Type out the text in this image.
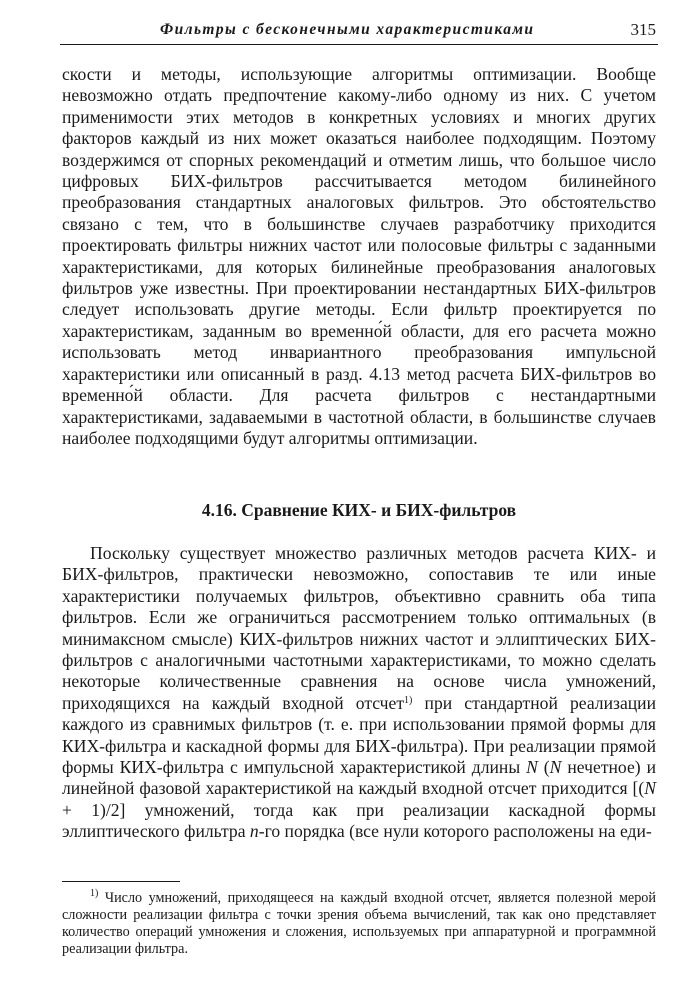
Фильтры с бесконечными характеристиками	315

скости и методы, использующие алгоритмы оптимизации. Вообще невозможно отдать предпочтение какому-либо одному из них. С учетом применимости этих методов в конкретных условиях и многих других факторов каждый из них может оказаться наиболее подходящим. Поэтому воздержимся от спорных рекомендаций и отметим лишь, что большое число цифровых БИХ-фильтров рассчитывается методом билинейного преобразования стандартных аналоговых фильтров. Это обстоятельство связано с тем, что в большинстве случаев разработчику приходится проектировать фильтры нижних частот или полосовые фильтры с заданными характеристиками, для которых билинейные преобразования аналоговых фильтров уже известны. При проектировании нестандартных БИХ-фильтров следует использовать другие методы. Если фильтр проектируется по характеристикам, заданным во временно́й области, для его расчета можно использовать метод инвариантного преобразования импульсной характеристики или описанный в разд. 4.13 метод расчета БИХ-фильтров во временно́й области. Для расчета фильтров с нестандартными характеристиками, задаваемыми в частотной области, в большинстве случаев наиболее подходящими будут алгоритмы оптимизации.

4.16. Сравнение КИХ- и БИХ-фильтров

Поскольку существует множество различных методов расчета КИХ- и БИХ-фильтров, практически невозможно, сопоставив те или иные характеристики получаемых фильтров, объективно сравнить оба типа фильтров. Если же ограничиться рассмотрением только оптимальных (в минимаксном смысле) КИХ-фильтров нижних частот и эллиптических БИХ-фильтров с аналогичными частотными характеристиками, то можно сделать некоторые количественные сравнения на основе числа умножений, приходящихся на каждый входной отсчет$^{1)}$ при стандартной реализации каждого из сравнимых фильтров (т. е. при использовании прямой формы для КИХ-фильтра и каскадной формы для БИХ-фильтра). При реализации прямой формы КИХ-фильтра с импульсной характеристикой длины N (N нечетное) и линейной фазовой характеристикой на каждый входной отсчет приходится [(N + 1)/2] умножений, тогда как при реализации каскадной формы эллиптического фильтра n-го порядка (все нули которого расположены на еди-

$^{1)}$ Число умножений, приходящееся на каждый входной отсчет, является полезной мерой сложности реализации фильтра с точки зрения объема вычислений, так как оно представляет количество операций умножения и сложения, используемых при аппаратурной и программной реализации фильтра.
